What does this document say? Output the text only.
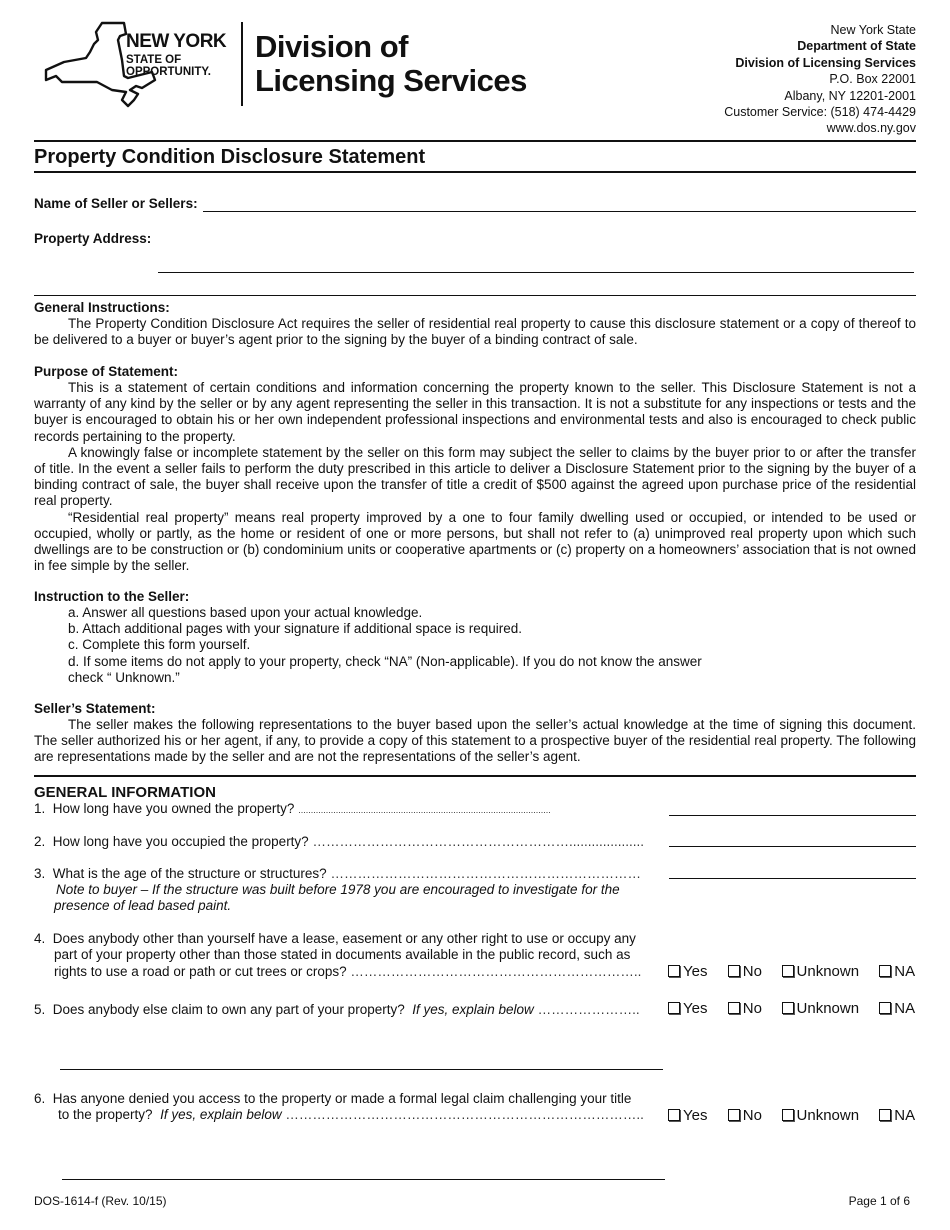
NEW YORK
STATE OF
OPPORTUNITY.
Division of
Licensing Services
New York State
Department of State
Division of Licensing Services
P.O. Box 22001
Albany, NY 12201-2001
Customer Service: (518) 474-4429
www.dos.ny.gov
Property Condition Disclosure Statement
Name of Seller or Sellers:
Property Address:
General Instructions:

The Property Condition Disclosure Act requires the seller of residential real property to cause this disclosure statement or a copy of thereof to be delivered to a buyer or buyer’s agent prior to the signing by the buyer of a binding contract of sale.

Purpose of Statement:

This is a statement of certain conditions and information concerning the property known to the seller. This Disclosure Statement is not a warranty of any kind by the seller or by any agent representing the seller in this transaction. It is not a substitute for any inspections or tests and the buyer is encouraged to obtain his or her own independent professional inspections and environmental tests and also is encouraged to check public records pertaining to the property.

A knowingly false or incomplete statement by the seller on this form may subject the seller to claims by the buyer prior to or after the transfer of title. In the event a seller fails to perform the duty prescribed in this article to deliver a Disclosure Statement prior to the signing by the buyer of a binding contract of sale, the buyer shall receive upon the transfer of title a credit of $500 against the agreed upon purchase price of the residential real property.

“Residential real property” means real property improved by a one to four family dwelling used or occupied, or intended to be used or occupied, wholly or partly, as the home or resident of one or more persons, but shall not refer to (a) unimproved real property upon which such dwellings are to be construction or (b) condominium units or cooperative apartments or (c) property on a homeowners’ association that is not owned in fee simple by the seller.

Instruction to the Seller:
a. Answer all questions based upon your actual knowledge.
b. Attach additional pages with your signature if additional space is required.
c. Complete this form yourself.
d. If some items do not apply to your property, check “NA” (Non-applicable). If you do not know the answer
check “ Unknown.”
Seller’s Statement:

The seller makes the following representations to the buyer based upon the seller’s actual knowledge at the time of signing this document. The seller authorized his or her agent, if any, to provide a copy of this statement to a prospective buyer of the residential real property. The following are representations made by the seller and are not the representations of the seller’s agent.

GENERAL INFORMATION
1. How long have you owned the property? .....................................................................................................
2. How long have you occupied the property? …………………………………………………....................
3. What is the age of the structure or structures? ……………………………………………………………
Note to buyer – If the structure was built before 1978 you are encouraged to investigate for the
presence of lead based paint.
4. Does anybody other than yourself have a lease, easement or any other right to use or occupy any
part of your property other than those stated in documents available in the public record, such as
rights to use a road or path or cut trees or crops? ………………………………………………………..	Yes No Unknown NA
5. Does anybody else claim to own any part of your property? If yes, explain below …………………..	Yes No Unknown NA
6. Has anyone denied you access to the property or made a formal legal claim challenging your title
to the property? If yes, explain below ……………………………………………………………………..	Yes No Unknown NA
DOS-1614-f (Rev. 10/15)	Page 1 of 6
